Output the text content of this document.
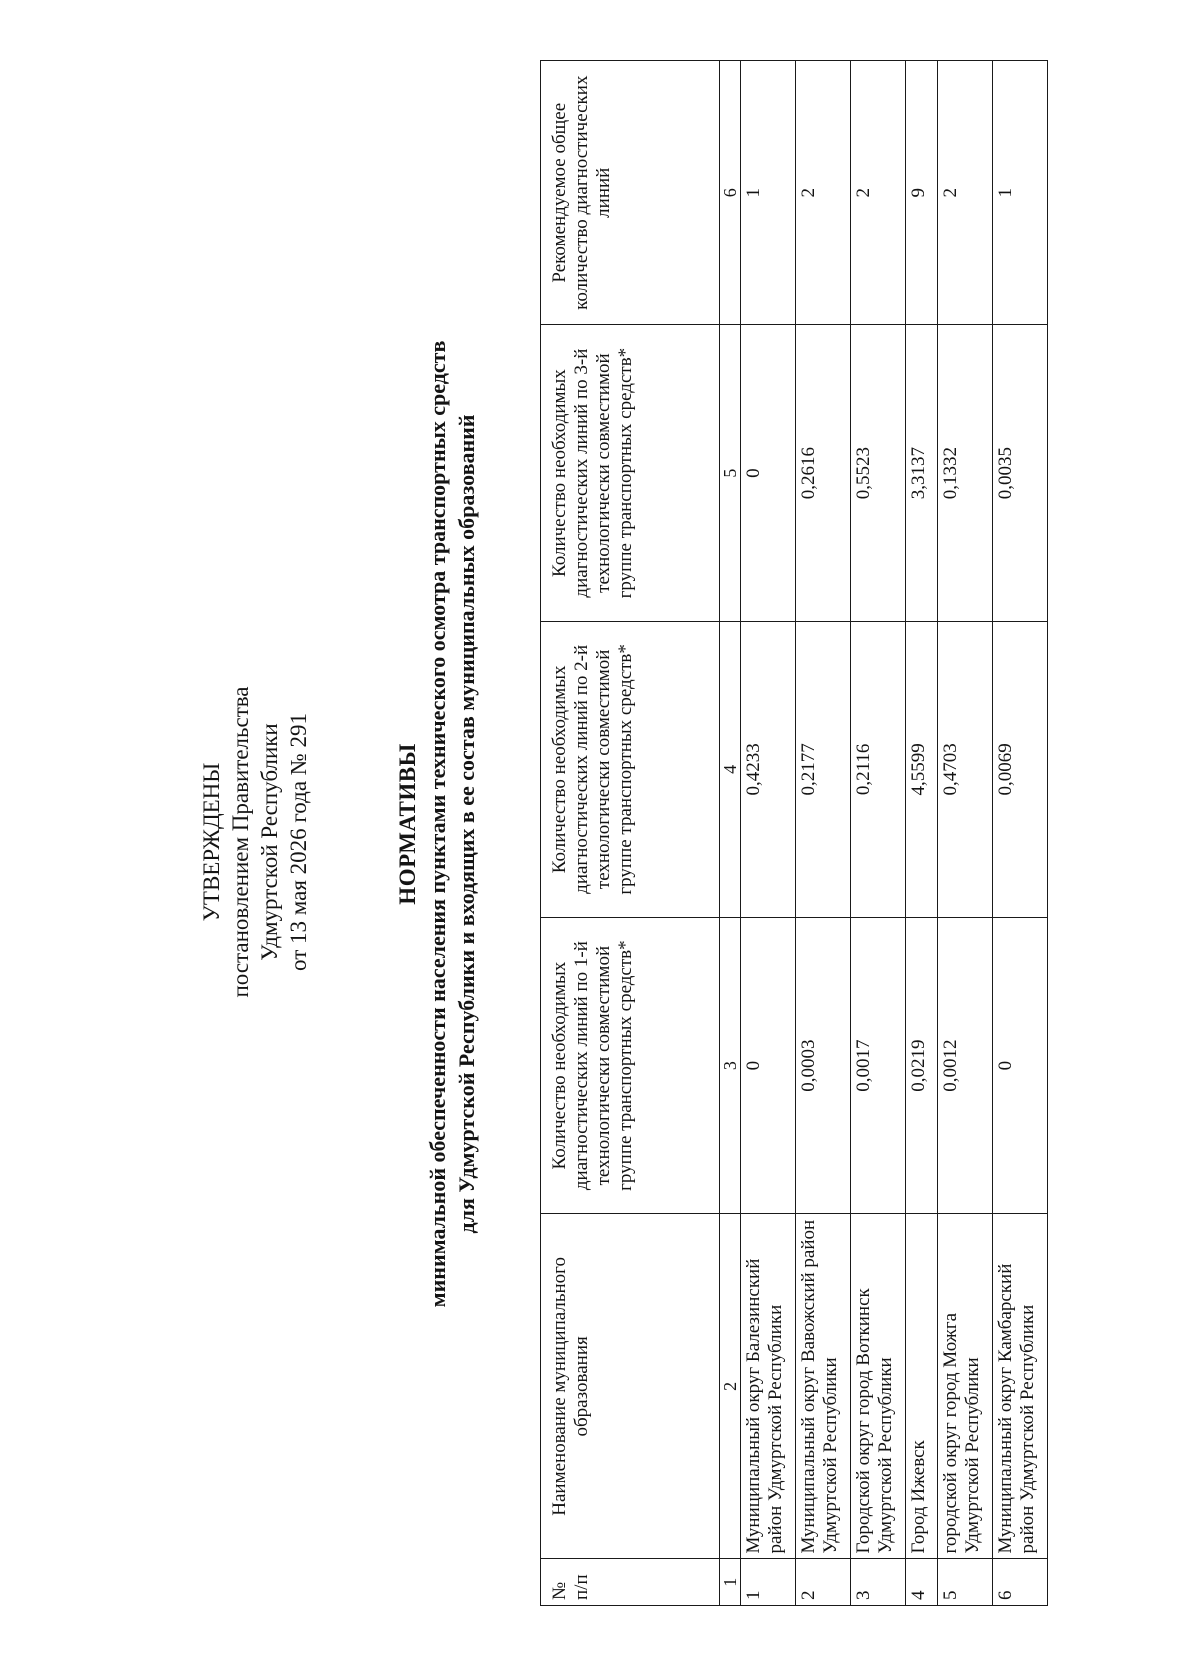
УТВЕРЖДЕНЫ постановлением Правительства Удмуртской Республики от 13 мая 2026 года № 291	НОРМАТИВЫ минимальной обеспеченности населения пунктами технического осмотра транспортных средств для Удмуртской Республики и входящих в ее состав муниципальных образований
№ п/п	Наименование муниципального образования	Количество необходимых диагностических линий по 1-й технологически совместимой группе транспортных средств*	Количество необходимых диагностических линий по 2-й технологически совместимой группе транспортных средств*	Количество необходимых диагностических линий по 3-й технологически совместимой группе транспортных средств*	Рекомендуемое общее количество диагностических линий
1	2	3	4	5	6
1	Муниципальный округ Балезинский район Удмуртской Республики	0	0,4233	0	1
2	Муниципальный округ Вавожский район Удмуртской Республики	0,0003	0,2177	0,2616	2
3	Городской округ город Воткинск Удмуртской Республики	0,0017	0,2116	0,5523	2
4	Город Ижевск	0,0219	4,5599	3,3137	9
5	городской округ город Можга Удмуртской Республики	0,0012	0,4703	0,1332	2
6	Муниципальный округ Камбарский район Удмуртской Республики	0	0,0069	0,0035	1
